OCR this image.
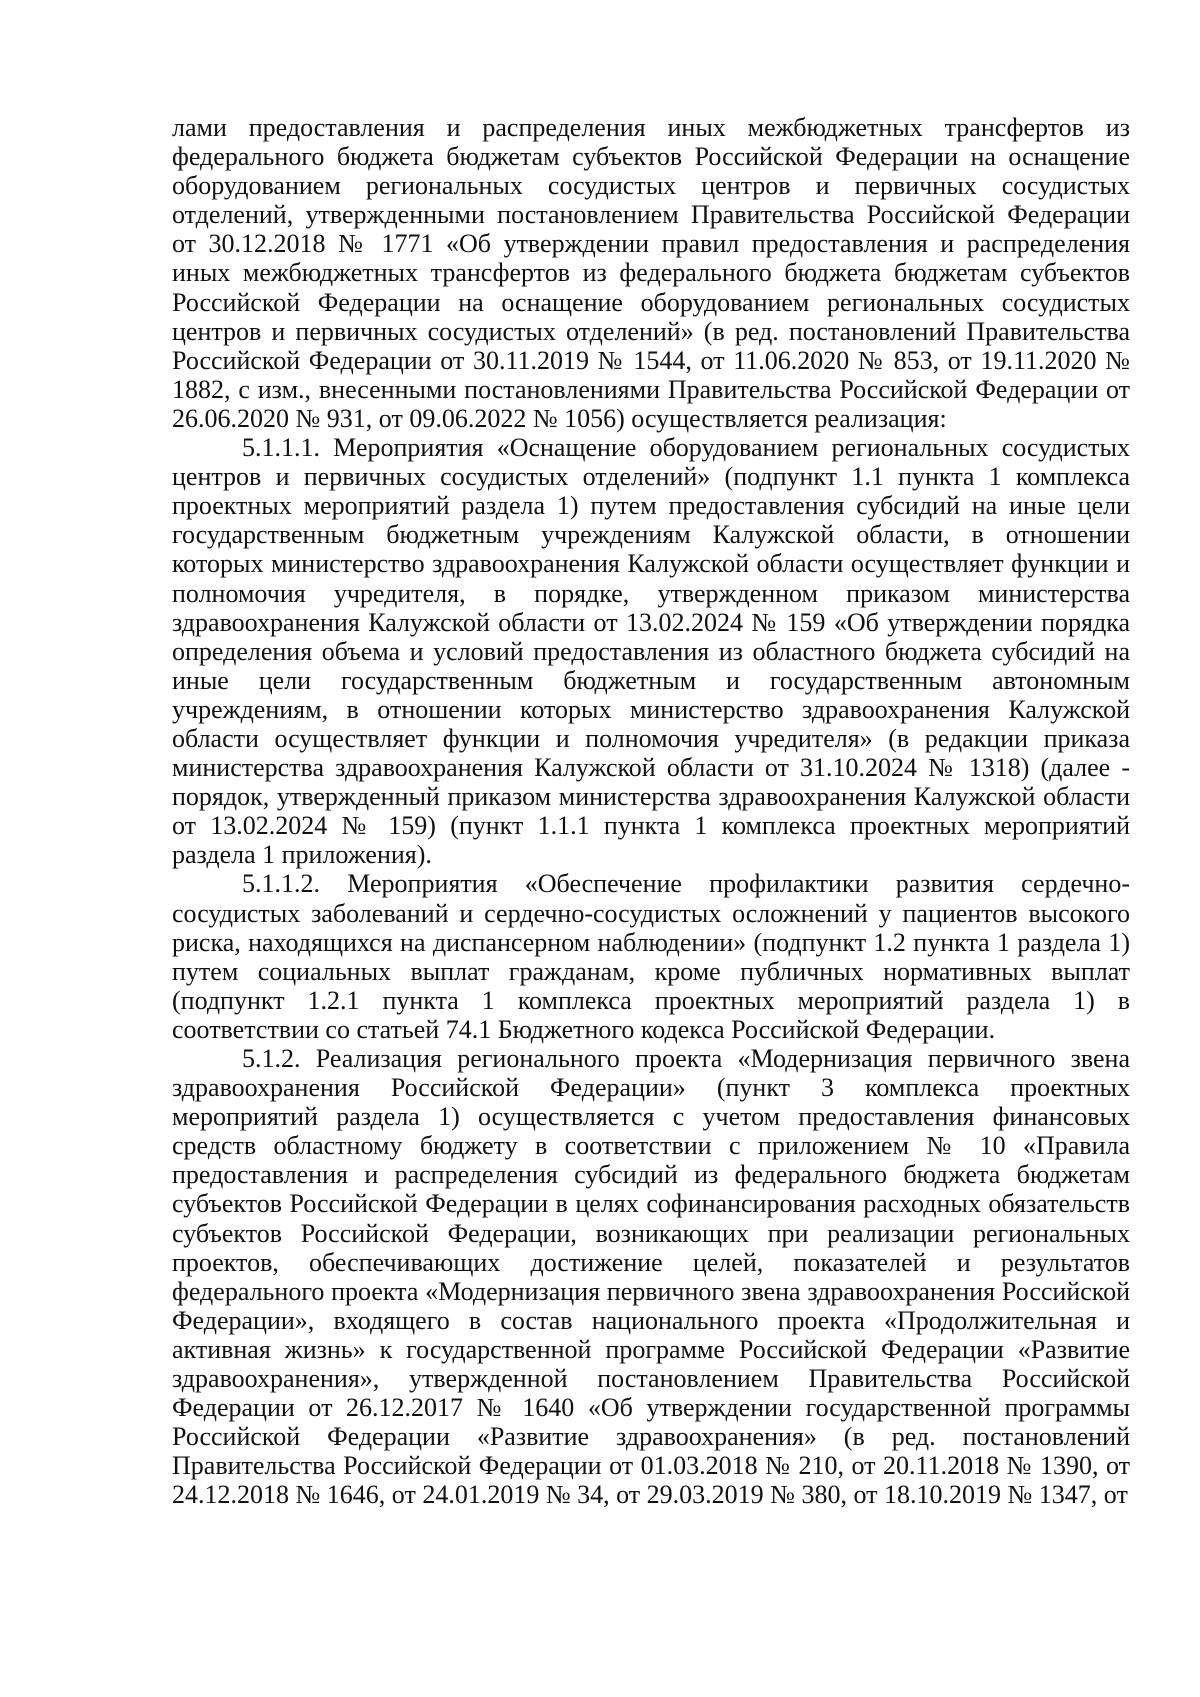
лами предоставления и распределения иных межбюджетных трансфертов из федерального бюджета бюджетам субъектов Российской Федерации на оснащение оборудованием региональных сосудистых центров и первичных сосудистых отделений, утвержденными постановлением Правительства Российской Федерации от 30.12.2018 № 1771 «Об утверждении правил предоставления и распределения иных межбюджетных трансфертов из федерального бюджета бюджетам субъектов Российской Федерации на оснащение оборудованием региональных сосудистых центров и первичных сосудистых отделений» (в ред. постановлений Правительства Российской Федерации от 30.11.2019 № 1544, от 11.06.2020 № 853, от 19.11.2020 № 1882, с изм., внесенными постановлениями Правительства Российской Федерации от 26.06.2020 № 931, от 09.06.2022 № 1056) осуществляется реализация:

5.1.1.1. Мероприятия «Оснащение оборудованием региональных сосудистых центров и первичных сосудистых отделений» (подпункт 1.1 пункта 1 комплекса проектных мероприятий раздела 1) путем предоставления субсидий на иные цели государственным бюджетным учреждениям Калужской области, в отношении которых министерство здравоохранения Калужской области осуществляет функции и полномочия учредителя, в порядке, утвержденном приказом министерства здравоохранения Калужской области от 13.02.2024 № 159 «Об утверждении порядка определения объема и условий предоставления из областного бюджета субсидий на иные цели государственным бюджетным и государственным автономным учреждениям, в отношении которых министерство здравоохранения Калужской области осуществляет функции и полномочия учредителя» (в редакции приказа министерства здравоохранения Калужской области от 31.10.2024 № 1318) (далее - порядок, утвержденный приказом министерства здравоохранения Калужской области от 13.02.2024 № 159) (пункт 1.1.1 пункта 1 комплекса проектных мероприятий раздела 1 приложения).

5.1.1.2. Мероприятия «Обеспечение профилактики развития сердечно-сосудистых заболеваний и сердечно-сосудистых осложнений у пациентов высокого риска, находящихся на диспансерном наблюдении» (подпункт 1.2 пункта 1 раздела 1) путем социальных выплат гражданам, кроме публичных нормативных выплат (подпункт 1.2.1 пункта 1 комплекса проектных мероприятий раздела 1) в соответствии со статьей 74.1 Бюджетного кодекса Российской Федерации.

5.1.2. Реализация регионального проекта «Модернизация первичного звена здравоохранения Российской Федерации» (пункт 3 комплекса проектных мероприятий раздела 1) осуществляется с учетом предоставления финансовых средств областному бюджету в соответствии с приложением № 10 «Правила предоставления и распределения субсидий из федерального бюджета бюджетам субъектов Российской Федерации в целях софинансирования расходных обязательств субъектов Российской Федерации, возникающих при реализации региональных проектов, обеспечивающих достижение целей, показателей и результатов федерального проекта «Модернизация первичного звена здравоохранения Российской Федерации», входящего в состав национального проекта «Продолжительная и активная жизнь» к государственной программе Российской Федерации «Развитие здравоохранения», утвержденной постановлением Правительства Российской Федерации от 26.12.2017 № 1640 «Об утверждении государственной программы Российской Федерации «Развитие здравоохранения» (в ред. постановлений Правительства Российской Федерации от 01.03.2018 № 210, от 20.11.2018 № 1390, от 24.12.2018 № 1646, от 24.01.2019 № 34, от 29.03.2019 № 380, от 18.10.2019 № 1347, от
